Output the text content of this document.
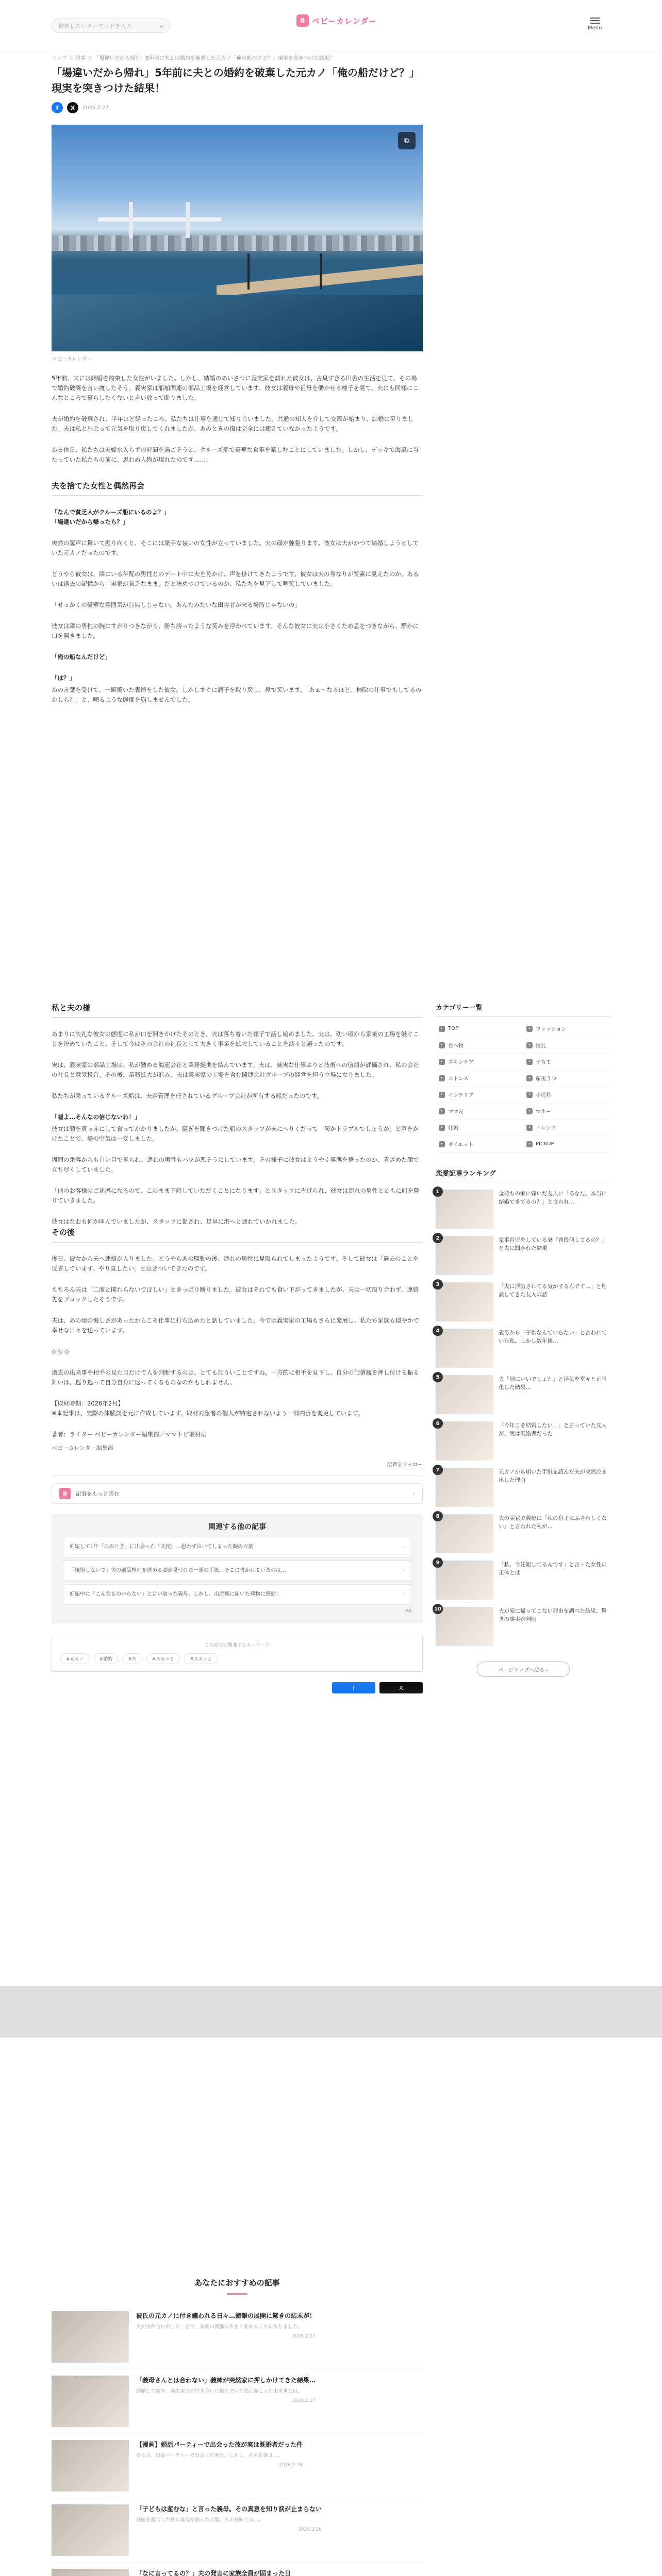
検索したいキーワードを入力	⌕
B ベビーカレンダー
Menu
トップ ＞ 記事 ＞ 「場違いだから帰れ」5年前に夫との婚約を破棄した元カノ「俺の船だけど？」現実を突きつけた結果！
「場違いだから帰れ」5年前に夫との婚約を破棄した元カノ「俺の船だけど？」現実を突きつけた結果！
f	X	2026.2.27
⧉
ベビーカレンダー

5年前、夫には結婚を約束した女性がいました。しかし、結婚のあいさつに義実家を訪れた彼女は、古臭すぎる田舎の生活を見て、その場で婚約破棄を言い渡したそう。義実家は船舶関連の部品工場を経営しています。彼女は義母や祖母を働かせる様子を見て、夫にも同様にこんなところで暮らしたくないと言い放って断りました。

夫が婚約を破棄され、半年ほど経ったころ、私たちは仕事を通じて知り合いました。共通の知人を介して交際が始まり、結婚に至りました。夫は私と出会って元気を取り戻してくれましたが、あのときの傷は完全には癒えていなかったようです。

ある休日、私たちは夫婦水入らずの時間を過ごそうと、クルーズ船で豪華な食事を楽しむことにしていました。しかし、デッキで海風に当たっていた私たちの前に、思わぬ人物が現れたのです……。

夫を捨てた女性と偶然再会

「なんで貧乏人がクルーズ船にいるのよ？」
「場違いだから帰ったら？」

突然の罵声に驚いて振り向くと、そこには派手な装いの女性が立っていました。夫の顔が強張ります。彼女は夫がかつて結婚しようとしていた元カノだったのです。

どうやら彼女は、隣にいる年配の男性とのデート中に夫を見かけ、声を掛けてきたようです。彼女は夫の身なりが質素に見えたのか、あるいは過去の記憶から「実家が貧乏なまま」だと決めつけているのか、私たちを見下して嘲笑していました。

「せっかくの豪華な雰囲気が台無しじゃない。あんたみたいな田舎者が来る場所じゃないの」

彼女は隣の男性の腕にすがりつきながら、勝ち誇ったような笑みを浮かべています。そんな彼女に夫は小さくため息をつきながら、静かに口を開きました。

「俺の船なんだけど」

「は？」

あの言葉を受けて、一瞬驚いた表情をした彼女。しかしすぐに調子を取り戻し、鼻で笑います。「あぁ〜なるほど。掃除の仕事でもしてるのかしら？」と、嘲るような態度を崩しませんでした。

私と夫の様

あまりに失礼な彼女の態度に私が口を開きかけたそのとき、夫は落ち着いた様子で話し始めました。夫は、幼い頃から家業の工場を継ぐことを決めていたこと、そして今はその会社の社長として大きく事業を拡大していることを淡々と語ったのです。

実は、義実家の部品工場は、私が勤める海運会社と業務提携を結んでいます。夫は、誠実な仕事ぶりと技術への信頼が評価され、私の会社の社長と意気投合。その後、業務拡大が進み、夫は義実家の工場を含む関連会社グループの経営を担う立場になりました。

私たちが乗っているクルーズ船は、夫が管理を任されているグループ会社が所有する船だったのです。

「嘘よ…そんなの信じないわ！」

彼女は顔を真っ赤にして食ってかかりましたが、騒ぎを聞きつけた船のスタッフが夫にへりくだって「何かトラブルでしょうか」と声をかけたことで、場の空気は一変しました。

周囲の乗客からも白い目で見られ、連れの男性もバツが悪そうにしています。その様子に彼女はようやく事態を悟ったのか、青ざめた顔で立ち尽くしていました。

「他のお客様のご迷惑になるので、このまま下船していただくことになります」とスタッフに告げられ、彼女は連れの男性とともに船を降りていきました。

彼女はなおも何か叫んでいましたが、スタッフに促され、足早に港へと連れていかれました。

その後

後日、彼女から夫へ連絡が入りました。どうやらあの騒動の後、連れの男性に見限られてしまったようです。そして彼女は「過去のことを反省しています。やり直したい」と泣きついてきたのです。

もちろん夫は「二度と関わらないでほしい」ときっぱり断りました。彼女はそれでも食い下がってきましたが、夫は一切取り合わず、連絡先をブロックしたそうです。

夫は、あの頃の悔しさがあったからこそ仕事に打ち込めたと話していました。今では義実家の工場もさらに発展し、私たち家族も穏やかで幸せな日々を送っています。

◇ ◇ ◇

過去の出来事や相手の見た目だけで人を判断するのは、とても危ういことですね。一方的に相手を見下し、自分の価値観を押し付ける振る舞いは、巡り巡って自分自身に返ってくるものなのかもしれません。

【取材時期：2026年2月】
※本記事は、実際の体験談を元に作成しています。取材対象者の個人が特定されないよう一部内容を変更しています。

著者：ライター ベビーカレンダー編集部／ママトピ取材班

ベビーカレンダー編集部

記者をフォロー
B	記事をもっと読む	›
関連する他の記事
妊娠して1年「あのとき」に出会った『天使』…思わず泣いてしまった時の言葉	›
「後悔しないで」夫の遺品整理を進める妻が見つけた一通の手紙。そこに書かれていたのは…	›
妊娠中に「こんなものいらない」と言い放った義母。しかし、出産後に届いた荷物に感動！	›
PR
この記事に関連するキーワード
#元カノ	#婚約	#夫	#スカッと	#スカッと
f	X
カテゴリー一覧
• TOP	• ファッション
• 食べ物	• 授乳
• スキンケア	• 子育て
• ストレス	• 産後うつ
• インテリア	• 小児科
• ママ友	• マネー
• 妊娠	• トレンド
• ダイエット	• PICKUP
恋愛記事ランキング
1	金持ちの家に嫁いだ友人に「あなた、本当に結婚できてるの？」と言われ…
2	家事育児をしている妻「普段何してるの？」と夫に聞かれた結果
3	「夫に浮気されてる気がするんです…」と相談してきた友人の話
4	義母から「子供なんていらない」と言われていた私。しかし数年後…
5	夫「別にいいでしょ？」と浮気を堂々と正当化した結果…
6	「今年こそ結婚したい！」と言っていた友人が、実は既婚者だった
7	元カノから届いた手紙を読んだ夫が突然泣き出した理由
8	夫の実家で義母に「私の息子にふさわしくない」と言われた私が…
9	「私、今妊娠してるんです」と言った女性の正体とは
10	夫が家に帰ってこない理由を調べた結果、驚きの事実が判明
ページトップへ戻る ›
あなたにおすすめの記事
彼氏の元カノに付き纏われる日々…衝撃の展開に驚きの結末が！
夫が突然言い出した一言で、家族の関係が大きく変わることになりました。
2026.2.27
「義母さんとは合わない」義姉が突然家に押しかけてきた結果…
結婚して数年。義実家との付き合いに悩んでいた私に起こった出来事とは。
2026.2.27
【漫画】婚活パーティーで出会った彼が実は既婚者だった件
ある日、婚活パーティーで出会った男性。しかし、その正体は…。
2026.2.26
「子どもは産むな」と言った義母。その真意を知り涙が止まらない
妊娠を報告した私に義母が放った言葉。その意味とは…。
2026.2.26
「なに言ってるの？」夫の発言に家族全員が固まった日
